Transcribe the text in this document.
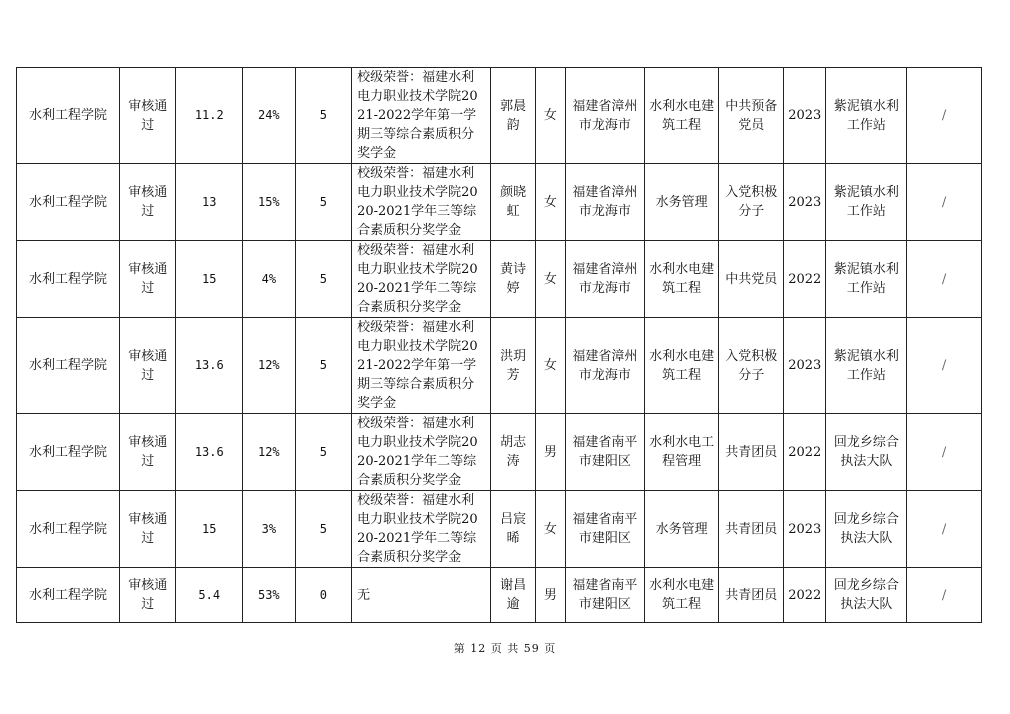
水利工程学院	审核通过	11.2	24%	5	校级荣誉：福建水利电力职业技术学院2021-2022学年第一学期三等综合素质积分奖学金	郭晨韵	女	福建省漳州市龙海市	水利水电建筑工程	中共预备党员	2023	紫泥镇水利工作站	/
水利工程学院	审核通过	13	15%	5	校级荣誉：福建水利电力职业技术学院2020-2021学年三等综合素质积分奖学金	颜晓虹	女	福建省漳州市龙海市	水务管理	入党积极分子	2023	紫泥镇水利工作站	/
水利工程学院	审核通过	15	4%	5	校级荣誉：福建水利电力职业技术学院2020-2021学年二等综合素质积分奖学金	黄诗婷	女	福建省漳州市龙海市	水利水电建筑工程	中共党员	2022	紫泥镇水利工作站	/
水利工程学院	审核通过	13.6	12%	5	校级荣誉：福建水利电力职业技术学院2021-2022学年第一学期三等综合素质积分奖学金	洪玥芳	女	福建省漳州市龙海市	水利水电建筑工程	入党积极分子	2023	紫泥镇水利工作站	/
水利工程学院	审核通过	13.6	12%	5	校级荣誉：福建水利电力职业技术学院2020-2021学年二等综合素质积分奖学金	胡志涛	男	福建省南平市建阳区	水利水电工程管理	共青团员	2022	回龙乡综合执法大队	/
水利工程学院	审核通过	15	3%	5	校级荣誉：福建水利电力职业技术学院2020-2021学年二等综合素质积分奖学金	吕宸晞	女	福建省南平市建阳区	水务管理	共青团员	2023	回龙乡综合执法大队	/
水利工程学院	审核通过	5.4	53%	0	无	谢昌逾	男	福建省南平市建阳区	水利水电建筑工程	共青团员	2022	回龙乡综合执法大队	/
第 12 页 共 59 页
